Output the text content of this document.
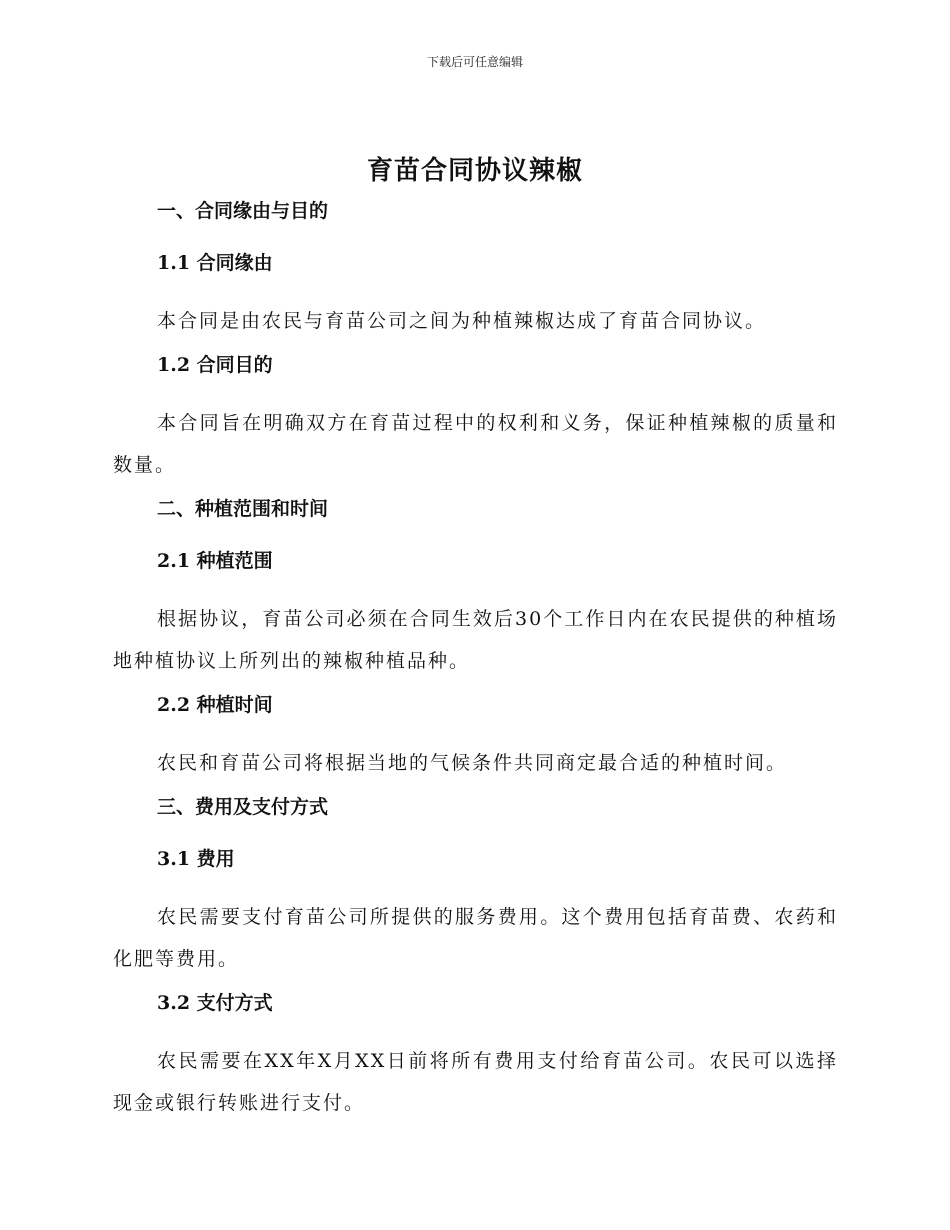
下载后可任意编辑
育苗合同协议辣椒
一、合同缘由与目的
1.1 合同缘由
本合同是由农民与育苗公司之间为种植辣椒达成了育苗合同协议。
1.2 合同目的
本合同旨在明确双方在育苗过程中的权利和义务，保证种植辣椒的质量和数量。
二、种植范围和时间
2.1 种植范围
根据协议，育苗公司必须在合同生效后30个工作日内在农民提供的种植场地种植协议上所列出的辣椒种植品种。
2.2 种植时间
农民和育苗公司将根据当地的气候条件共同商定最合适的种植时间。
三、费用及支付方式
3.1 费用
农民需要支付育苗公司所提供的服务费用。这个费用包括育苗费、农药和化肥等费用。
3.2 支付方式
农民需要在XX年X月XX日前将所有费用支付给育苗公司。农民可以选择现金或银行转账进行支付。
